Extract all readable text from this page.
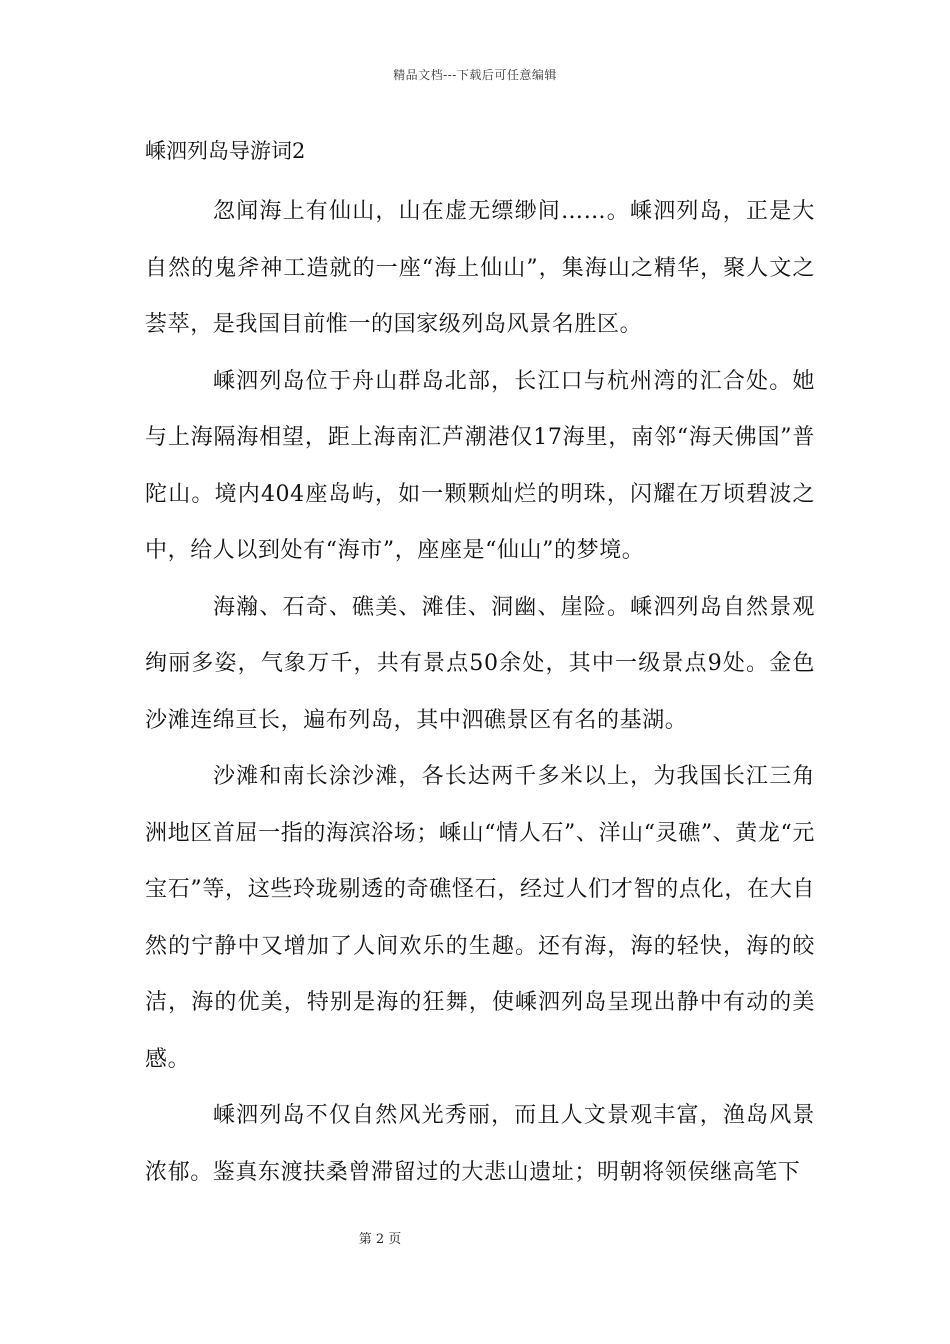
精品文档---下载后可任意编辑
嵊泗列岛导游词2

忽闻海上有仙山，山在虚无缥缈间……。嵊泗列岛，正是大自然的鬼斧神工造就的一座“海上仙山”，集海山之精华，聚人文之荟萃，是我国目前惟一的国家级列岛风景名胜区。

嵊泗列岛位于舟山群岛北部，长江口与杭州湾的汇合处。她与上海隔海相望，距上海南汇芦潮港仅17海里，南邻“海天佛国”普陀山。境内404座岛屿，如一颗颗灿烂的明珠，闪耀在万顷碧波之中，给人以到处有“海市”，座座是“仙山”的梦境。

海瀚、石奇、礁美、滩佳、洞幽、崖险。嵊泗列岛自然景观绚丽多姿，气象万千，共有景点50余处，其中一级景点9处。金色沙滩连绵亘长，遍布列岛，其中泗礁景区有名的基湖。

沙滩和南长涂沙滩，各长达两千多米以上，为我国长江三角洲地区首屈一指的海滨浴场；嵊山“情人石”、洋山“灵礁”、黄龙“元宝石”等，这些玲珑剔透的奇礁怪石，经过人们才智的点化，在大自然的宁静中又增加了人间欢乐的生趣。还有海，海的轻快，海的皎洁，海的优美，特别是海的狂舞，使嵊泗列岛呈现出静中有动的美感。

嵊泗列岛不仅自然风光秀丽，而且人文景观丰富，渔岛风景浓郁。鉴真东渡扶桑曾滞留过的大悲山遗址；明朝将领侯继高笔下

第 2 页
